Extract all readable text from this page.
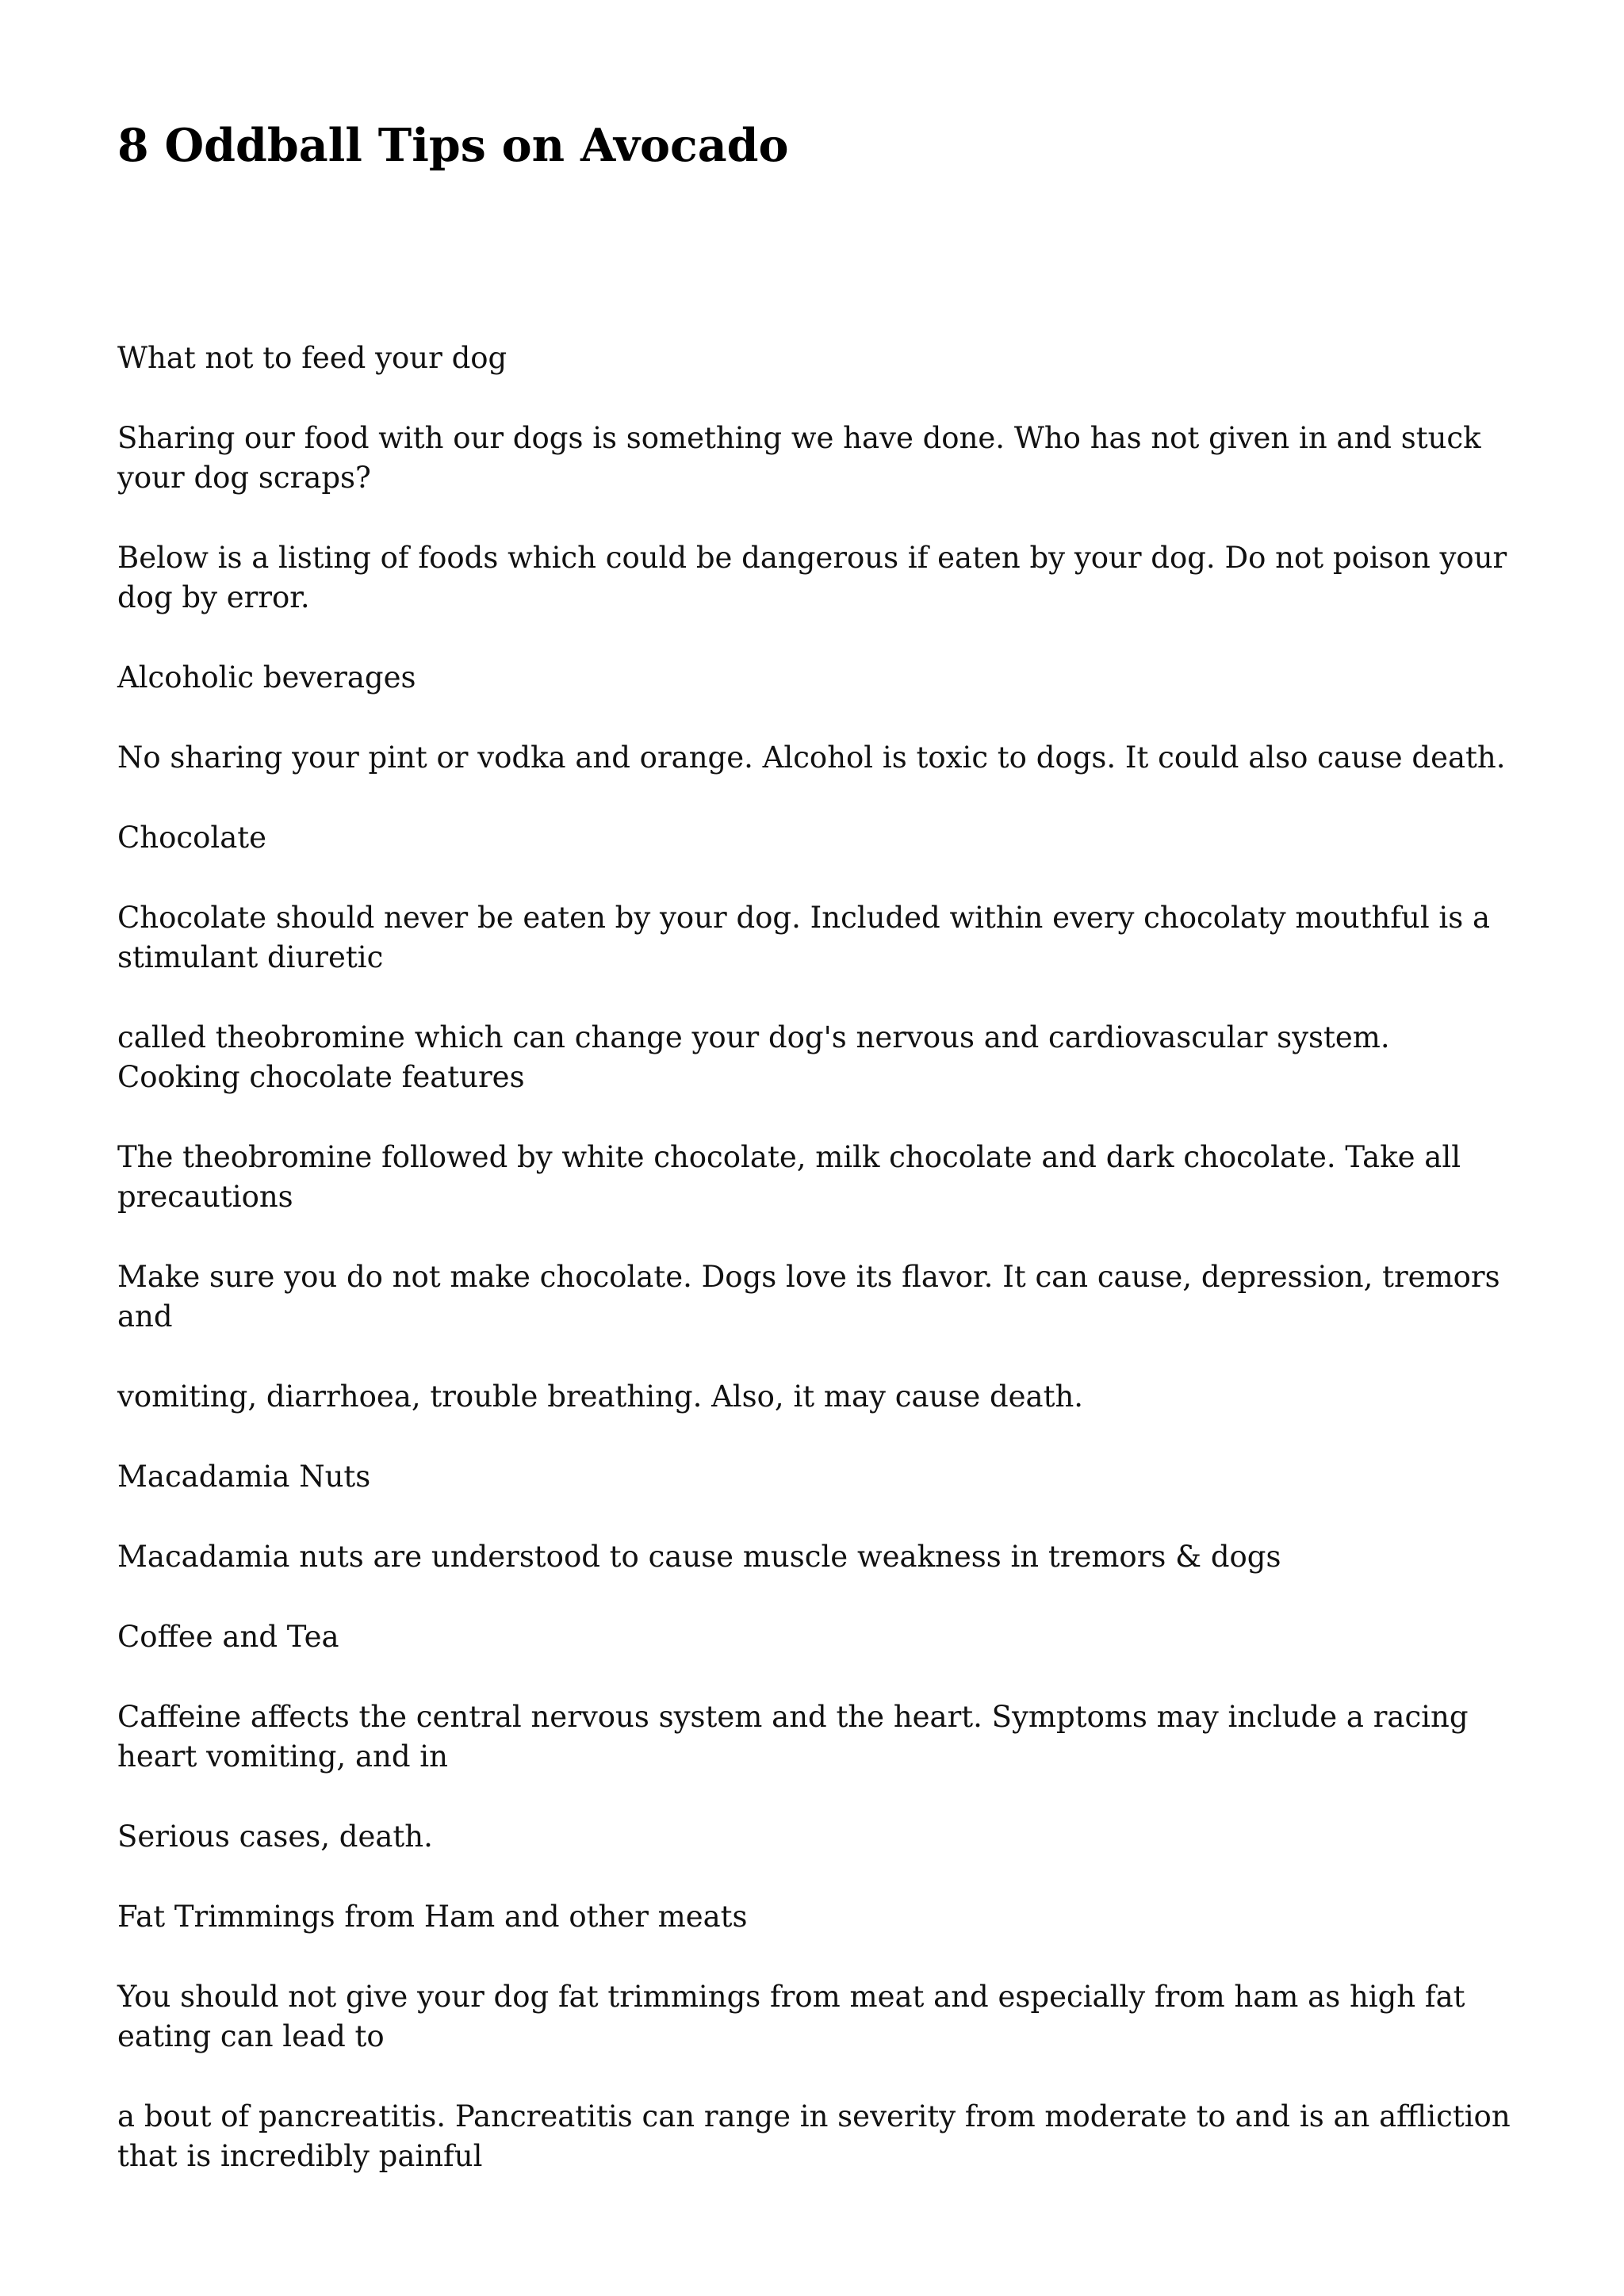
8 Oddball Tips on Avocado

What not to feed your dog

Sharing our food with our dogs is something we have done. Who has not given in and stuck your dog scraps?

Below is a listing of foods which could be dangerous if eaten by your dog. Do not poison your dog by error.

Alcoholic beverages

No sharing your pint or vodka and orange. Alcohol is toxic to dogs. It could also cause death.

Chocolate

Chocolate should never be eaten by your dog. Included within every chocolaty mouthful is a stimulant diuretic

called theobromine which can change your dog's nervous and cardiovascular system. Cooking chocolate features

The theobromine followed by white chocolate, milk chocolate and dark chocolate. Take all precautions

Make sure you do not make chocolate. Dogs love its flavor. It can cause, depression, tremors and

vomiting, diarrhoea, trouble breathing. Also, it may cause death.

Macadamia Nuts

Macadamia nuts are understood to cause muscle weakness in tremors & dogs

Coffee and Tea

Caffeine affects the central nervous system and the heart. Symptoms may include a racing heart vomiting, and in

Serious cases, death.

Fat Trimmings from Ham and other meats

You should not give your dog fat trimmings from meat and especially from ham as high fat eating can lead to

a bout of pancreatitis. Pancreatitis can range in severity from moderate to and is an affliction that is incredibly painful
